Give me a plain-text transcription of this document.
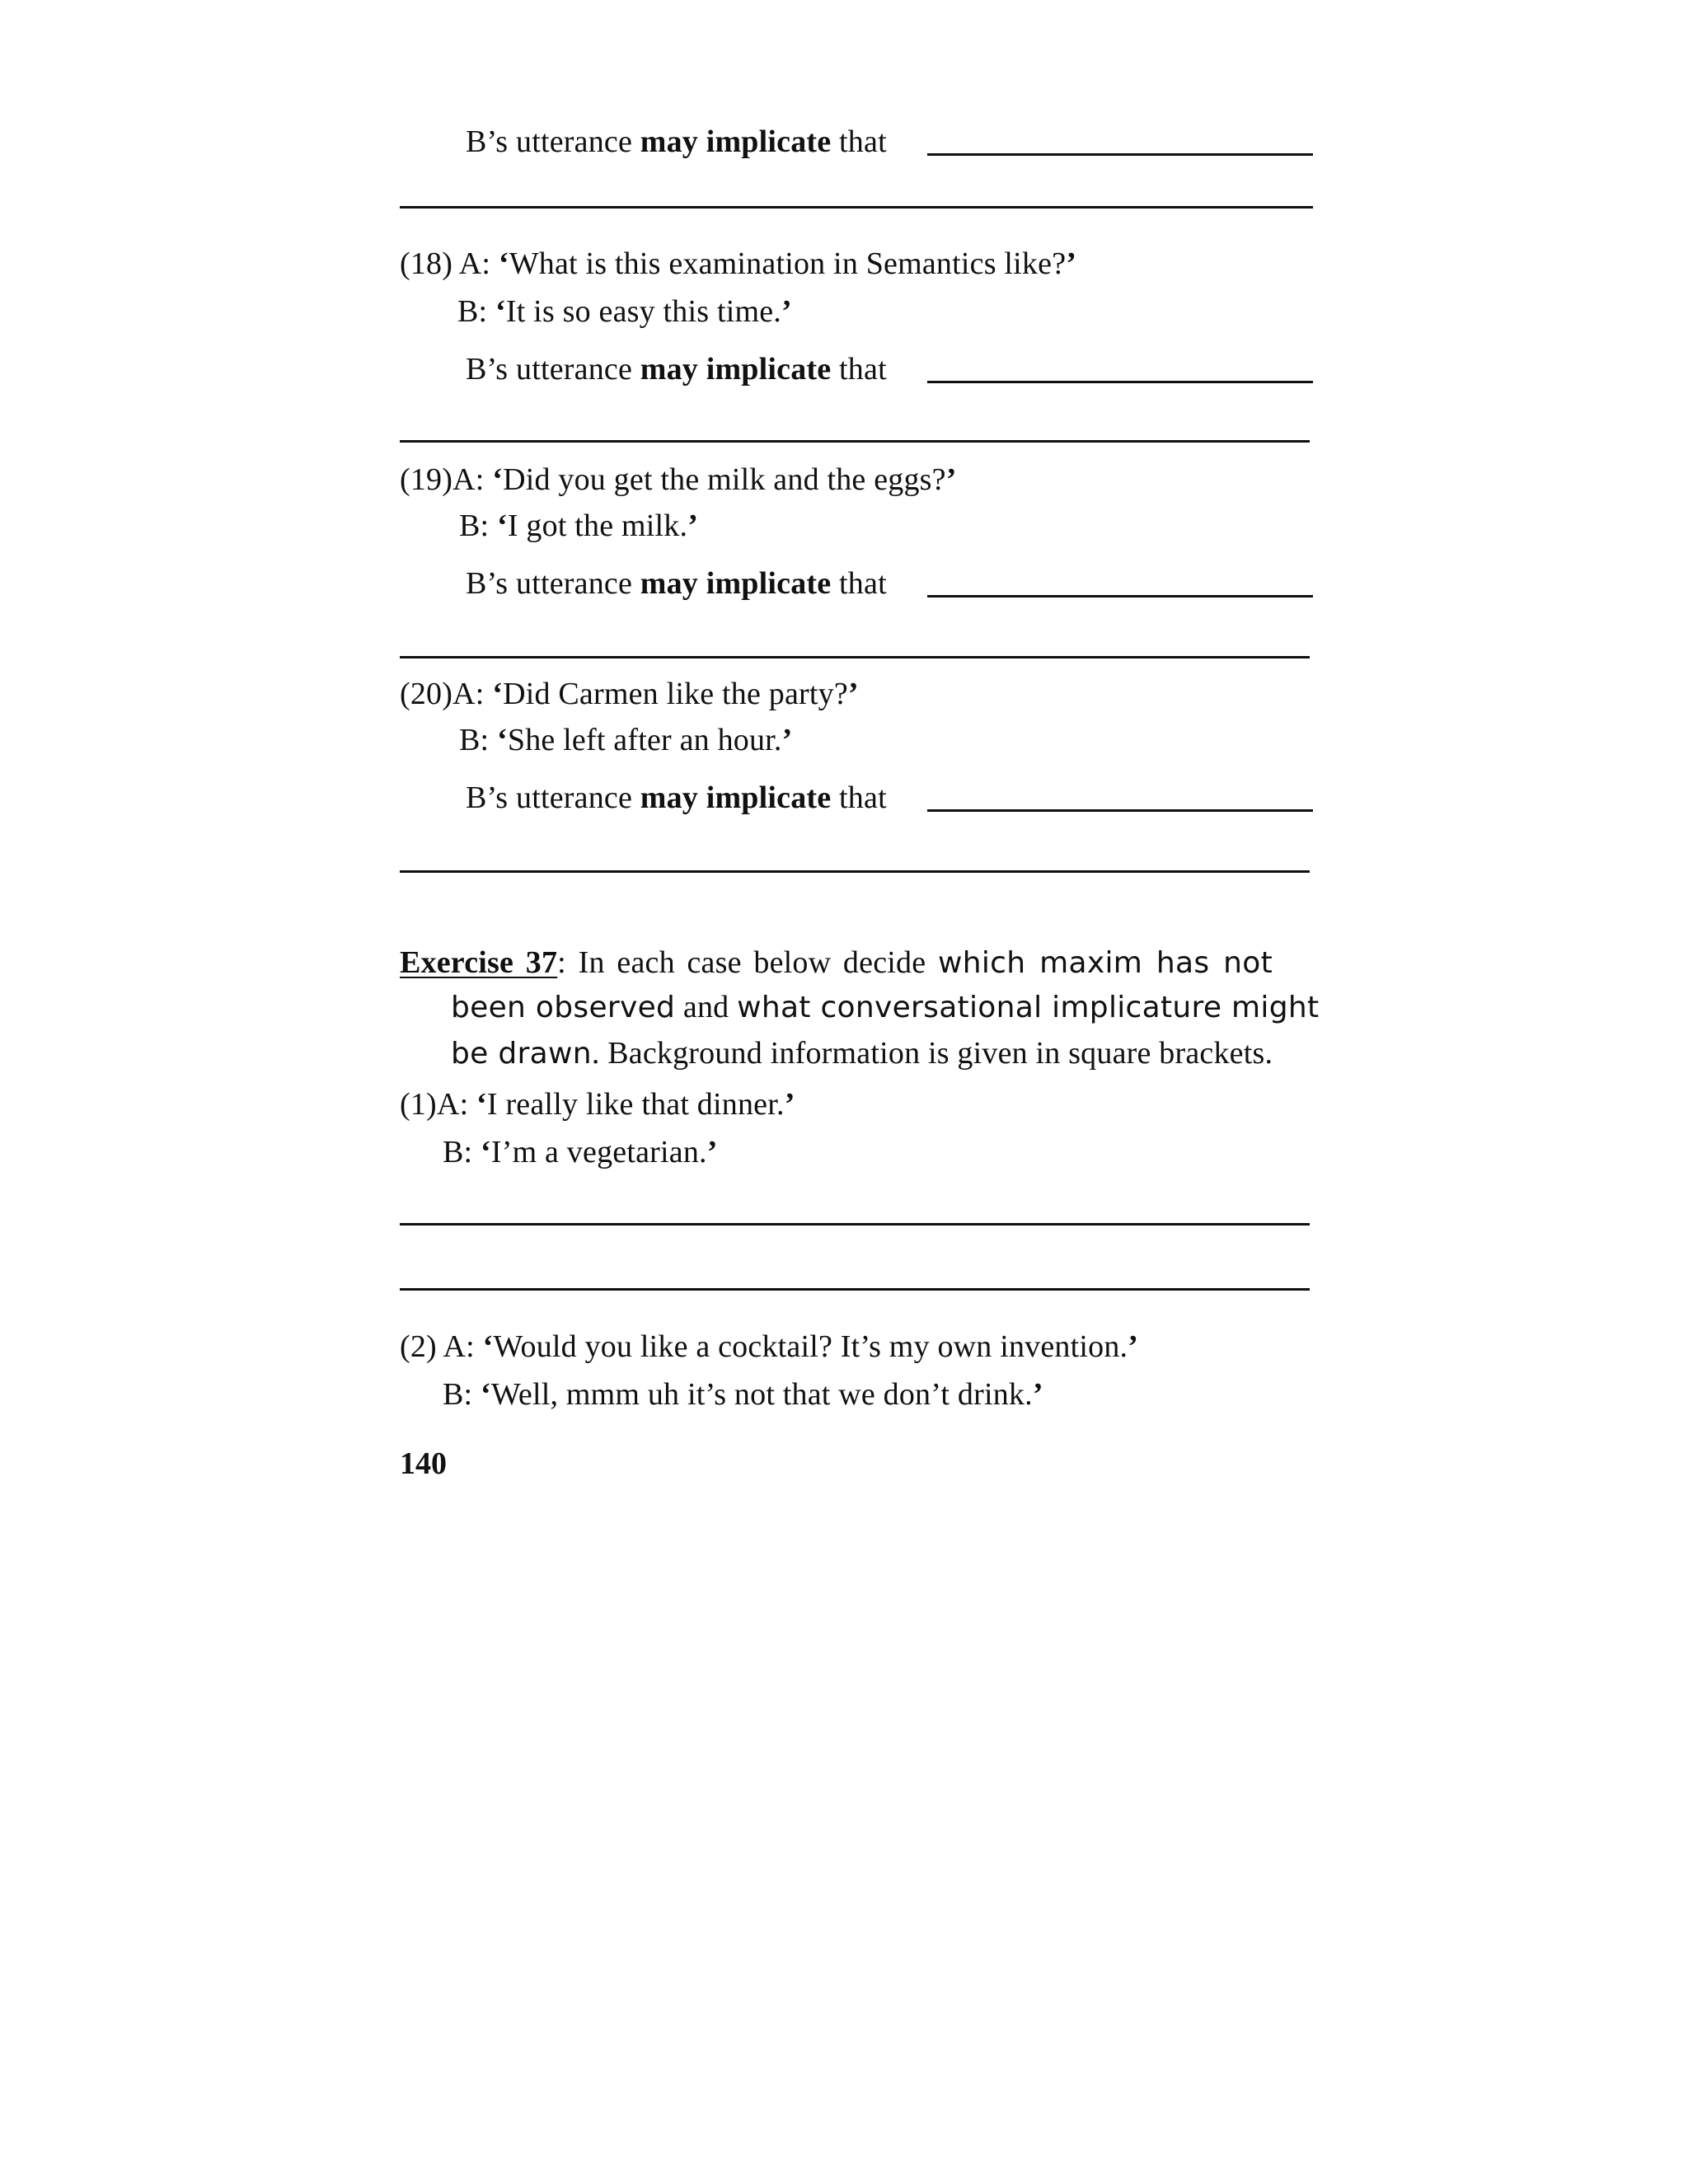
B’s utterance may implicate that
(18) A: ‘What is this examination in Semantics like?’
B: ‘It is so easy this time.’
B’s utterance may implicate that
(19)A: ‘Did you get the milk and the eggs?’
B: ‘I got the milk.’
B’s utterance may implicate that
(20)A: ‘Did Carmen like the party?’
B: ‘She left after an hour.’
B’s utterance may implicate that
Exercise 37: In each case below decide which maxim has not
been observed and what conversational implicature might
be drawn. Background information is given in square brackets.
(1)A: ‘I really like that dinner.’
B: ‘I’m a vegetarian.’
(2) A: ‘Would you like a cocktail? It’s my own invention.’
B: ‘Well, mmm uh it’s not that we don’t drink.’
140
